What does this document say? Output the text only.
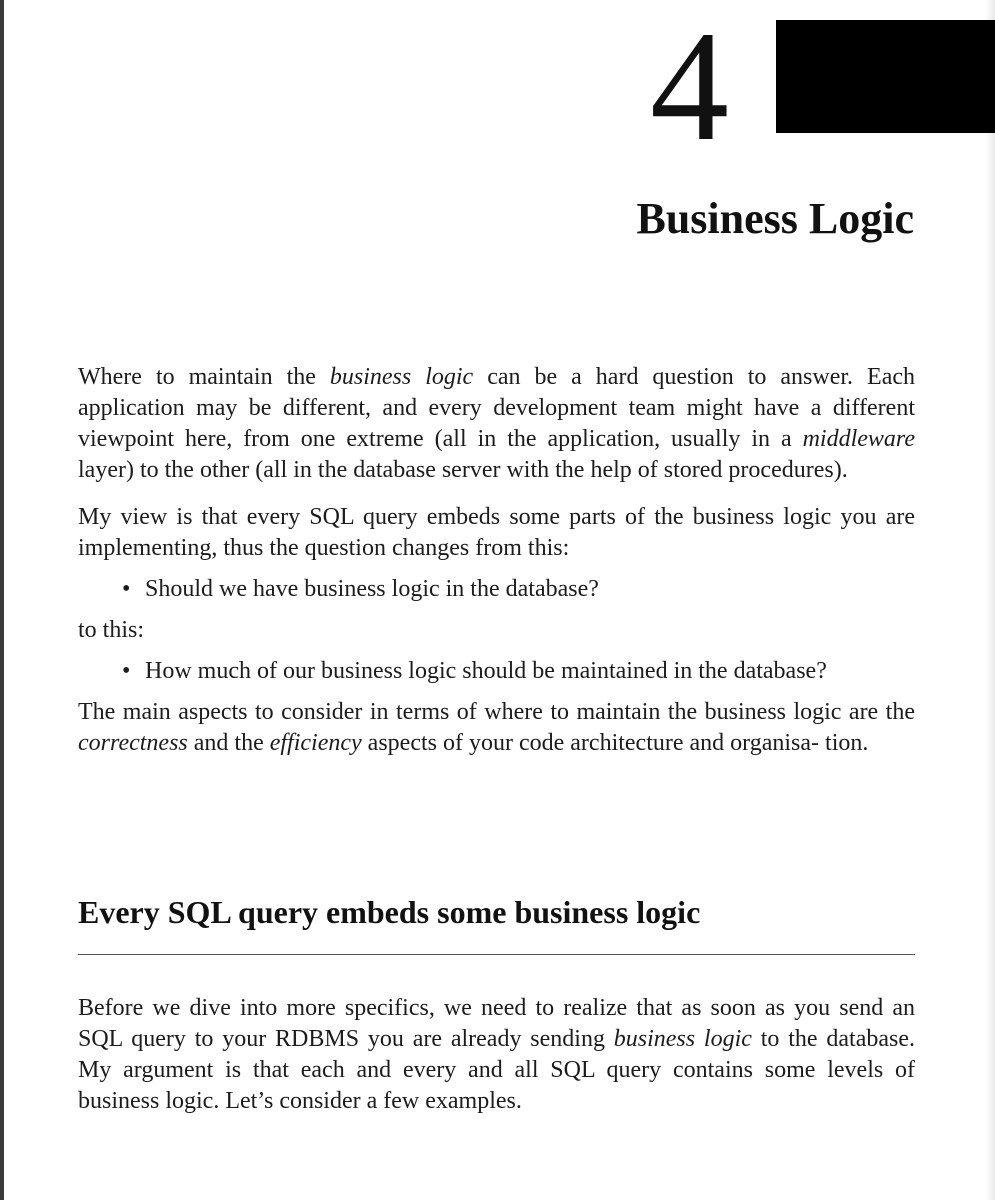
4
Business Logic

Where to maintain the business logic can be a hard question to answer. Each application may be different, and every development team might have a different viewpoint here, from one extreme (all in the application, usually in a middleware layer) to the other (all in the database server with the help of stored procedures).

My view is that every SQL query embeds some parts of the business logic you are implementing, thus the question changes from this:

• Should we have business logic in the database?

to this:

• How much of our business logic should be maintained in the database?

The main aspects to consider in terms of where to maintain the business logic are the correctness and the efficiency aspects of your code architecture and organisa- tion.

Every SQL query embeds some business logic

Before we dive into more specifics, we need to realize that as soon as you send an SQL query to your RDBMS you are already sending business logic to the database. My argument is that each and every and all SQL query contains some levels of business logic. Let’s consider a few examples.
